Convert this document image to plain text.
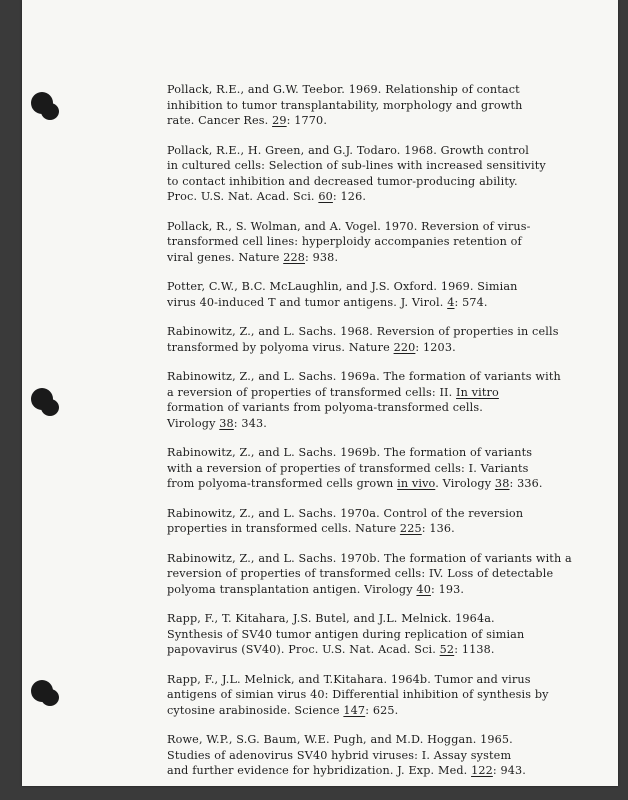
Pollack, R.E., and G.W. Teebor. 1969. Relationship of contact
inhibition to tumor transplantability, morphology and growth
rate. Cancer Res. 29: 1770.
Pollack, R.E., H. Green, and G.J. Todaro. 1968. Growth control
in cultured cells: Selection of sub-lines with increased sensitivity
to contact inhibition and decreased tumor-producing ability.
Proc. U.S. Nat. Acad. Sci. 60: 126.
Pollack, R., S. Wolman, and A. Vogel. 1970. Reversion of virus-
transformed cell lines: hyperploidy accompanies retention of
viral genes. Nature 228: 938.
Potter, C.W., B.C. McLaughlin, and J.S. Oxford. 1969. Simian
virus 40-induced T and tumor antigens. J. Virol. 4: 574.
Rabinowitz, Z., and L. Sachs. 1968. Reversion of properties in cells
transformed by polyoma virus. Nature 220: 1203.
Rabinowitz, Z., and L. Sachs. 1969a. The formation of variants with
a reversion of properties of transformed cells: II. In vitro
formation of variants from polyoma-transformed cells.
Virology 38: 343.
Rabinowitz, Z., and L. Sachs. 1969b. The formation of variants
with a reversion of properties of transformed cells: I. Variants
from polyoma-transformed cells grown in vivo. Virology 38: 336.
Rabinowitz, Z., and L. Sachs. 1970a. Control of the reversion
properties in transformed cells. Nature 225: 136.
Rabinowitz, Z., and L. Sachs. 1970b. The formation of variants with a
reversion of properties of transformed cells: IV. Loss of detectable
polyoma transplantation antigen. Virology 40: 193.
Rapp, F., T. Kitahara, J.S. Butel, and J.L. Melnick. 1964a.
Synthesis of SV40 tumor antigen during replication of simian
papovavirus (SV40). Proc. U.S. Nat. Acad. Sci. 52: 1138.
Rapp, F., J.L. Melnick, and T.Kitahara. 1964b. Tumor and virus
antigens of simian virus 40: Differential inhibition of synthesis by
cytosine arabinoside. Science 147: 625.
Rowe, W.P., S.G. Baum, W.E. Pugh, and M.D. Hoggan. 1965.
Studies of adenovirus SV40 hybrid viruses: I. Assay system
and further evidence for hybridization. J. Exp. Med. 122: 943.
